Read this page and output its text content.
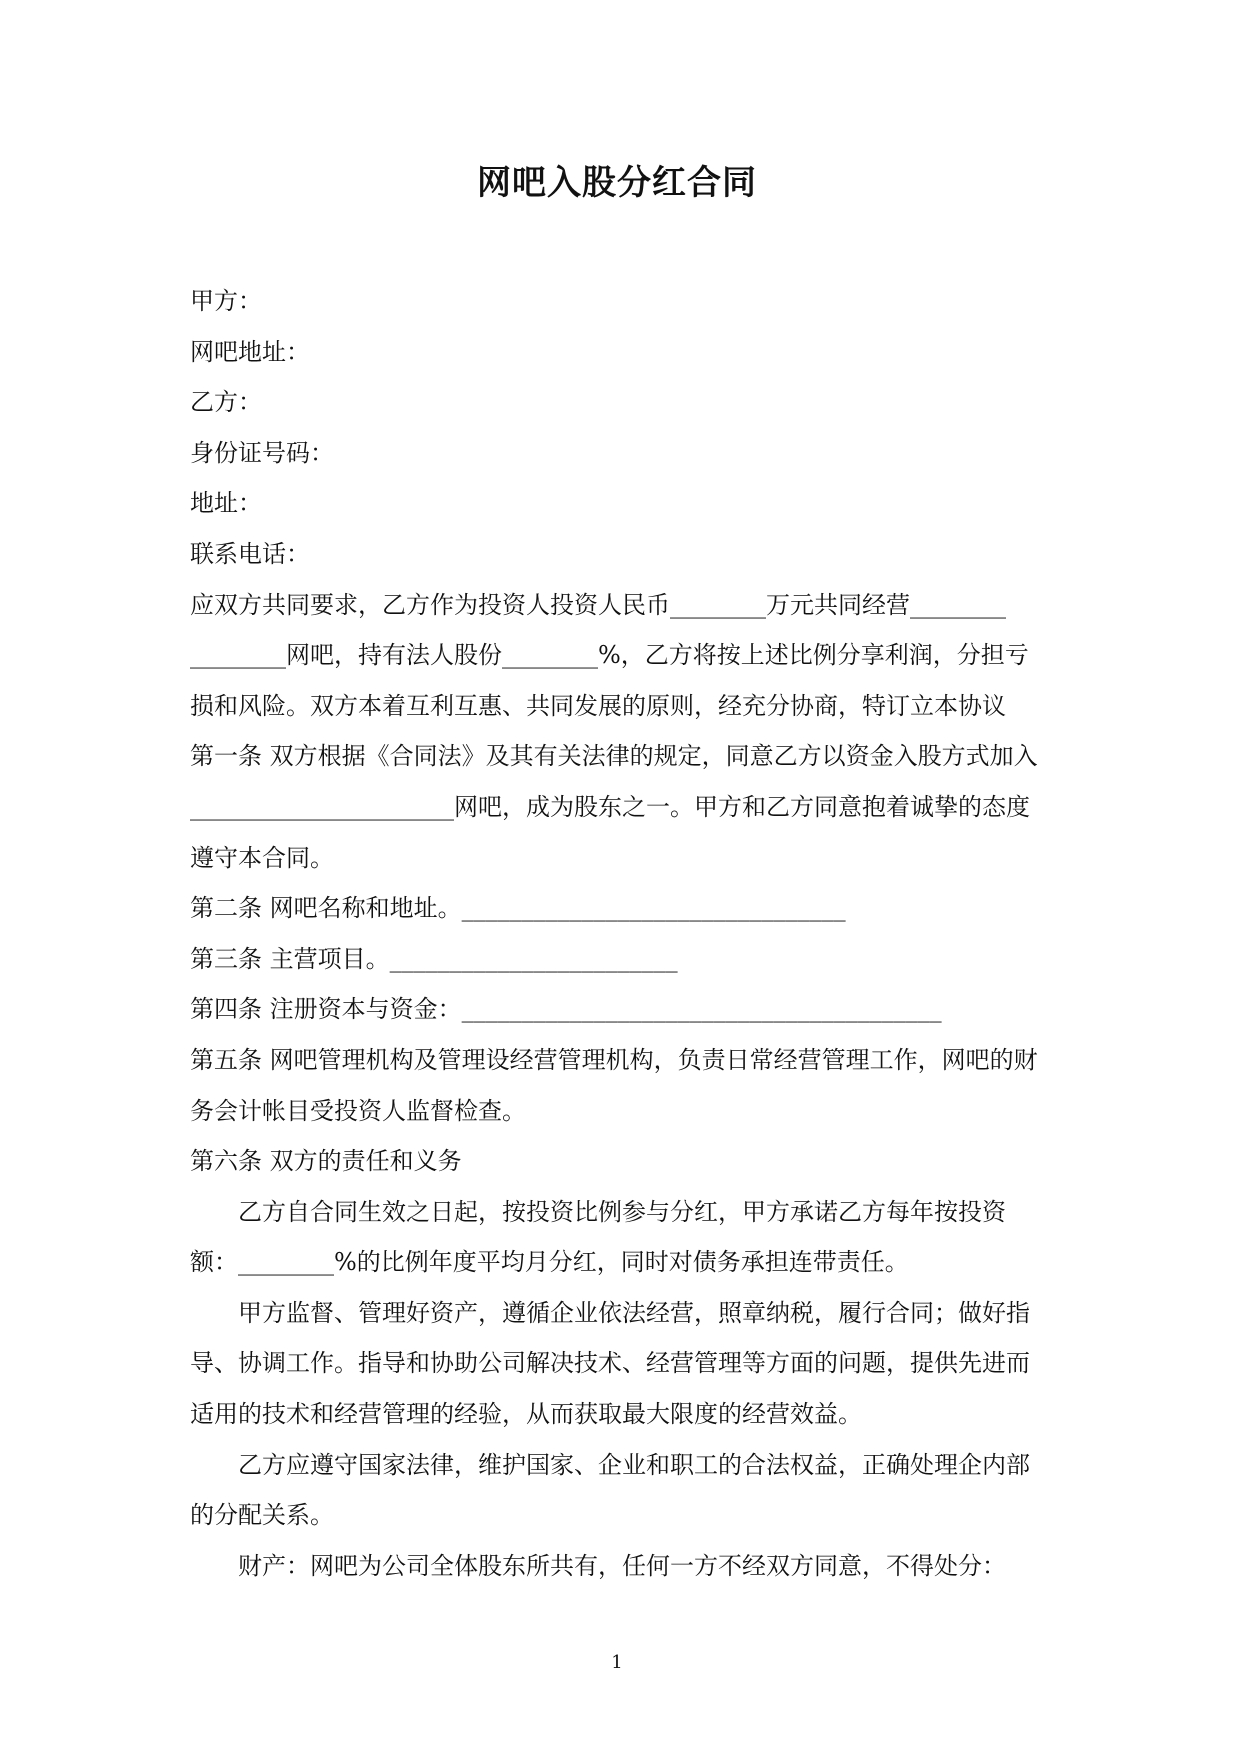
网吧入股分红合同

甲方：

网吧地址：

乙方：

身份证号码：

地址：

联系电话：

应双方共同要求，乙方作为投资人投资人民币________万元共同经营________ ________网吧，持有法人股份________%，乙方将按上述比例分享利润，分担亏损和风险。双方本着互利互惠、共同发展的原则，经充分协商，特订立本协议

第一条 双方根据《合同法》及其有关法律的规定，同意乙方以资金入股方式加入______________________网吧，成为股东之一。甲方和乙方同意抱着诚挚的态度遵守本合同。

第二条 网吧名称和地址。________________________________

第三条 主营项目。________________________

第四条 注册资本与资金：________________________________________

第五条 网吧管理机构及管理设经营管理机构，负责日常经营管理工作，网吧的财务会计帐目受投资人监督检查。

第六条 双方的责任和义务

乙方自合同生效之日起，按投资比例参与分红，甲方承诺乙方每年按投资额：________%的比例年度平均月分红，同时对债务承担连带责任。

甲方监督、管理好资产，遵循企业依法经营，照章纳税，履行合同；做好指导、协调工作。指导和协助公司解决技术、经营管理等方面的问题，提供先进而适用的技术和经营管理的经验，从而获取最大限度的经营效益。

乙方应遵守国家法律，维护国家、企业和职工的合法权益，正确处理企内部的分配关系。

财产：网吧为公司全体股东所共有，任何一方不经双方同意，不得处分：

1
